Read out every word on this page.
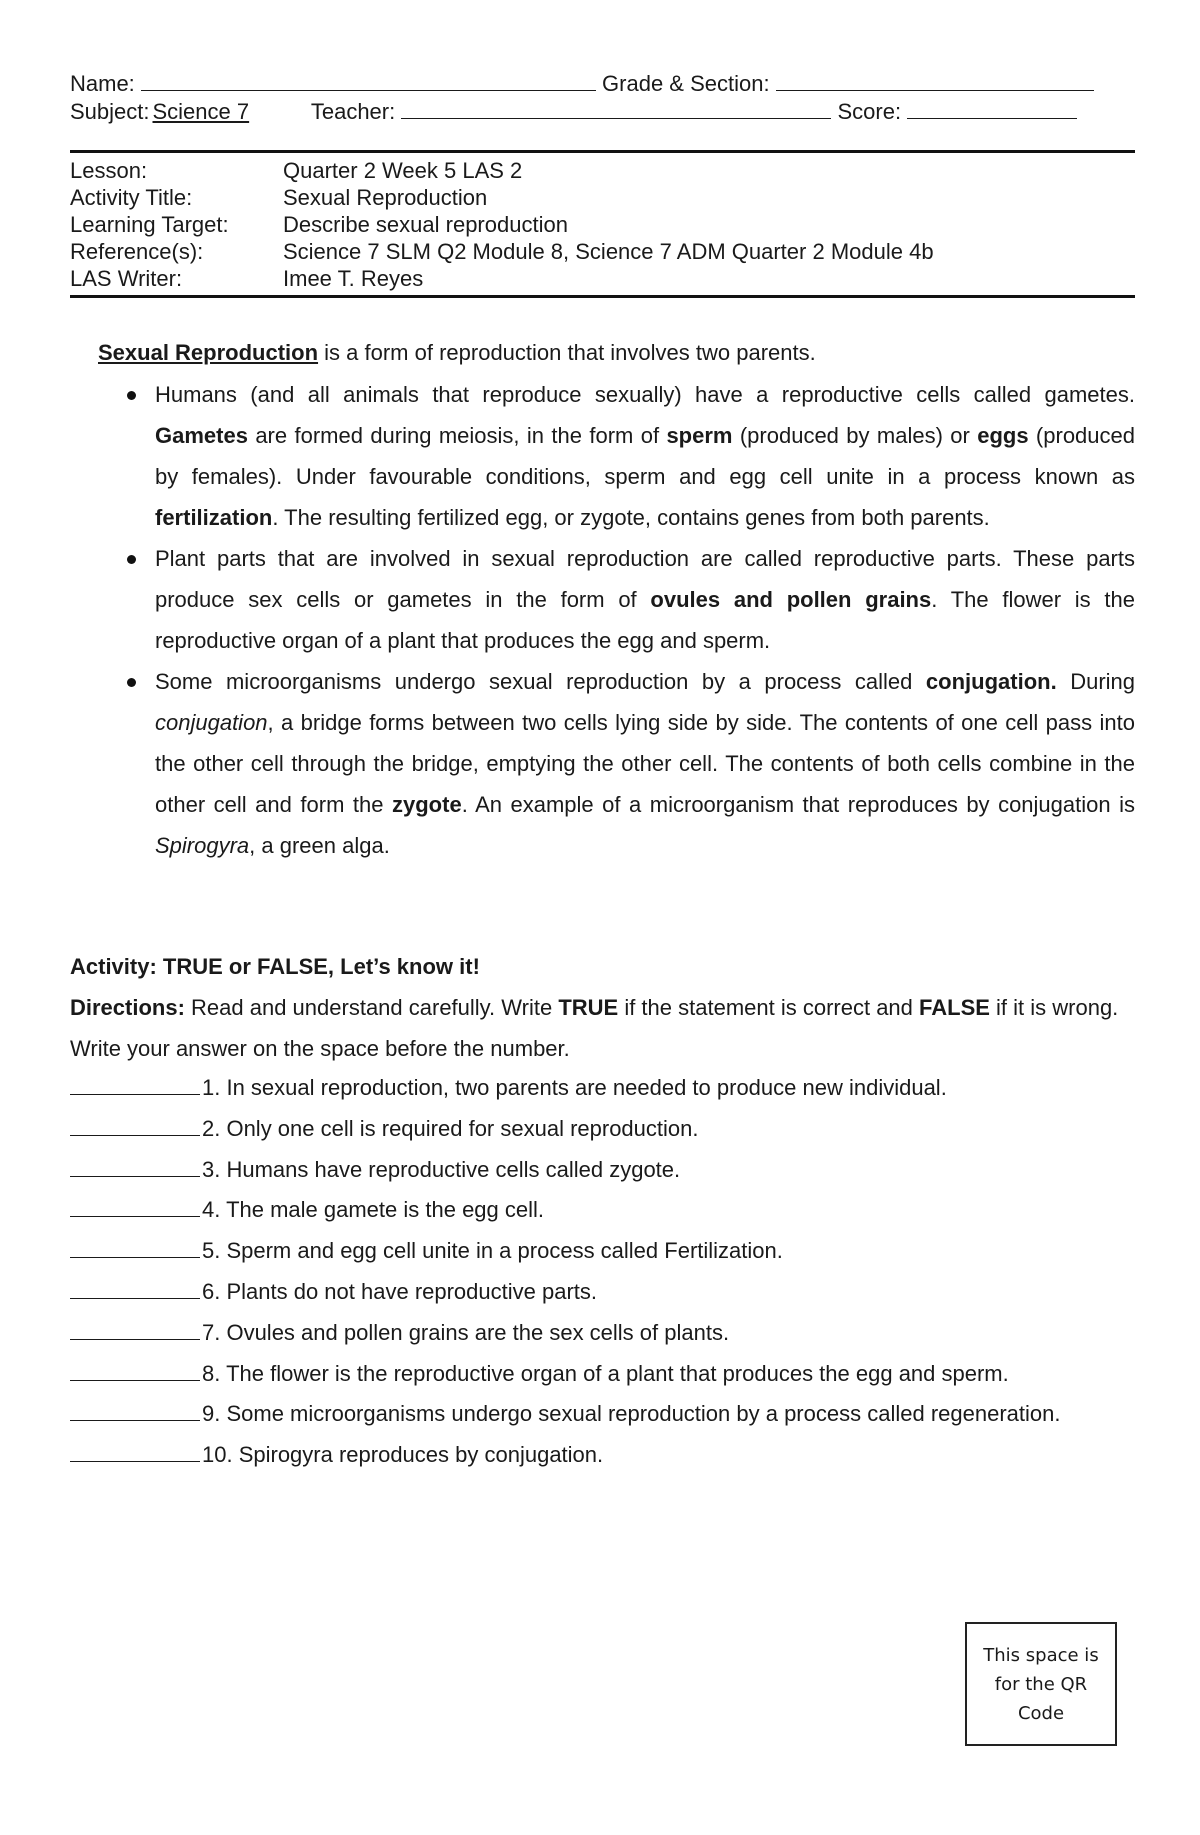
Name:	Grade & Section:
Subject: Science 7	Teacher:	Score:
Lesson:	Quarter 2 Week 5 LAS 2
Activity Title:	Sexual Reproduction
Learning Target:	Describe sexual reproduction
Reference(s):	Science 7 SLM Q2 Module 8, Science 7 ADM Quarter 2 Module 4b
LAS Writer:	Imee T. Reyes
Sexual Reproduction is a form of reproduction that involves two parents.
Humans (and all animals that reproduce sexually) have a reproductive cells called gametes. Gametes are formed during meiosis, in the form of sperm (produced by males) or eggs (produced by females). Under favourable conditions, sperm and egg cell unite in a process known as fertilization. The resulting fertilized egg, or zygote, contains genes from both parents.
Plant parts that are involved in sexual reproduction are called reproductive parts. These parts produce sex cells or gametes in the form of ovules and pollen grains. The flower is the reproductive organ of a plant that produces the egg and sperm.
Some microorganisms undergo sexual reproduction by a process called conjugation. During conjugation, a bridge forms between two cells lying side by side. The contents of one cell pass into the other cell through the bridge, emptying the other cell. The contents of both cells combine in the other cell and form the zygote. An example of a microorganism that reproduces by conjugation is Spirogyra, a green alga.
Activity: TRUE or FALSE, Let’s know it!
Directions: Read and understand carefully. Write TRUE if the statement is correct and FALSE if it is wrong. Write your answer on the space before the number.
1. In sexual reproduction, two parents are needed to produce new individual.
2. Only one cell is required for sexual reproduction.
3. Humans have reproductive cells called zygote.
4. The male gamete is the egg cell.
5. Sperm and egg cell unite in a process called Fertilization.
6. Plants do not have reproductive parts.
7. Ovules and pollen grains are the sex cells of plants.
8. The flower is the reproductive organ of a plant that produces the egg and sperm.
9. Some microorganisms undergo sexual reproduction by a process called regeneration.
10. Spirogyra reproduces by conjugation.
This space is
for the QR
Code
